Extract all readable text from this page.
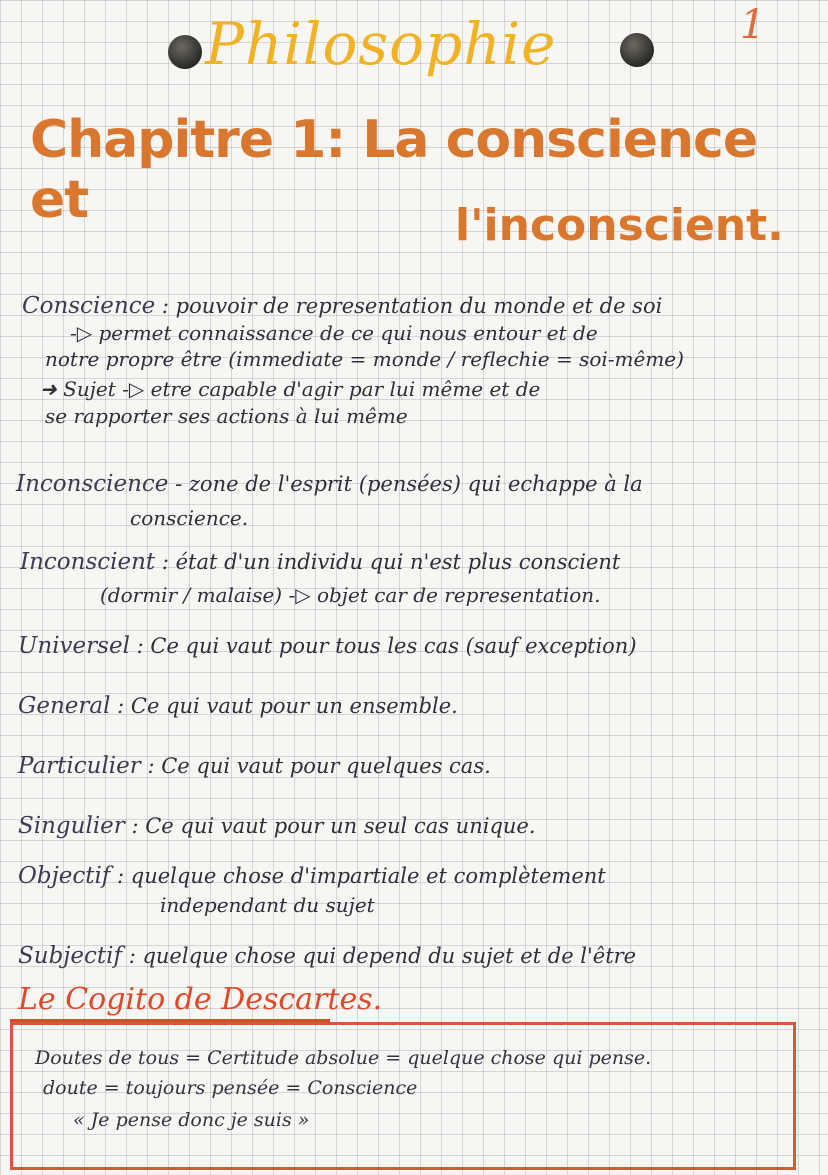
1
Philosophie
Chapitre 1: La conscience et	l'inconscient.
Conscience : pouvoir de representation du monde et de soi
-▷ permet connaissance de ce qui nous entour et de
notre propre être (immediate = monde / reflechie = soi-même)
➜ Sujet -▷ etre capable d'agir par lui même et de
se rapporter ses actions à lui même
Inconscience - zone de l'esprit (pensées) qui echappe à la
conscience.
Inconscient : état d'un individu qui n'est plus conscient
(dormir / malaise) -▷ objet car de representation.
Universel : Ce qui vaut pour tous les cas (sauf exception)
General : Ce qui vaut pour un ensemble.
Particulier : Ce qui vaut pour quelques cas.
Singulier : Ce qui vaut pour un seul cas unique.
Objectif : quelque chose d'impartiale et complètement
independant du sujet
Subjectif : quelque chose qui depend du sujet et de l'être
Le Cogito de Descartes.
Doutes de tous = Certitude absolue = quelque chose qui pense.
doute = toujours pensée = Conscience
« Je pense donc je suis »
